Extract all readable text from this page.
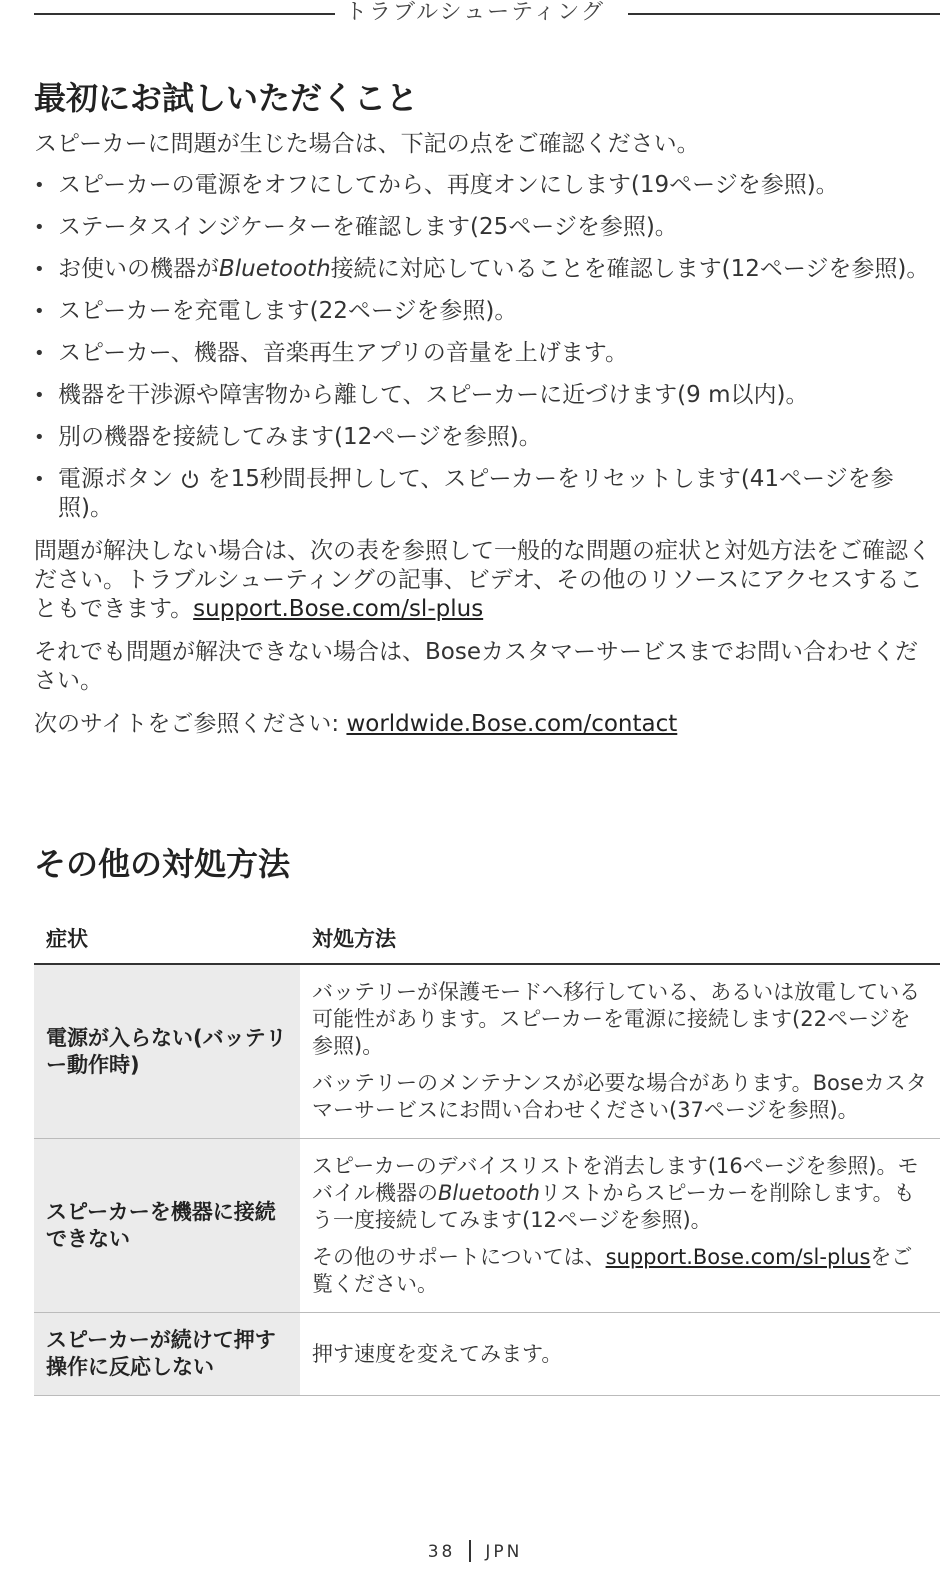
トラブルシューティング
最初にお試しいただくこと

スピーカーに問題が生じた場合は、下記の点をご確認ください。

• スピーカーの電源をオフにしてから、再度オンにします(19ページを参照)。
• ステータスインジケーターを確認します(25ページを参照)。
• お使いの機器がBluetooth接続に対応していることを確認します(12ページを参照)。
• スピーカーを充電します(22ページを参照)。
• スピーカー、機器、音楽再生アプリの音量を上げます。
• 機器を干渉源や障害物から離して、スピーカーに近づけます(9 m以内)。
• 別の機器を接続してみます(12ページを参照)。
• 電源ボタン を15秒間長押しして、スピーカーをリセットします(41ページを参照)。

問題が解決しない場合は、次の表を参照して一般的な問題の症状と対処方法をご確認ください。トラブルシューティングの記事、ビデオ、その他のリソースにアクセスすることもできます。support.Bose.com/sl-plus

それでも問題が解決できない場合は、Boseカスタマーサービスまでお問い合わせください。

次のサイトをご参照ください: worldwide.Bose.com/contact

その他の対処方法
症状	対処方法
電源が入らない(バッテリー動作時)	バッテリーが保護モードへ移行している、あるいは放電している可能性があります。スピーカーを電源に接続します(22ページを参照)。

バッテリーのメンテナンスが必要な場合があります。Boseカスタマーサービスにお問い合わせください(37ページを参照)。

スピーカーを機器に接続できない	スピーカーのデバイスリストを消去します(16ページを参照)。モバイル機器のBluetoothリストからスピーカーを削除します。もう一度接続してみます(12ページを参照)。

その他のサポートについては、support.Bose.com/sl-plusをご覧ください。

スピーカーが続けて押す操作に反応しない	押す速度を変えてみます。

38 JPN
